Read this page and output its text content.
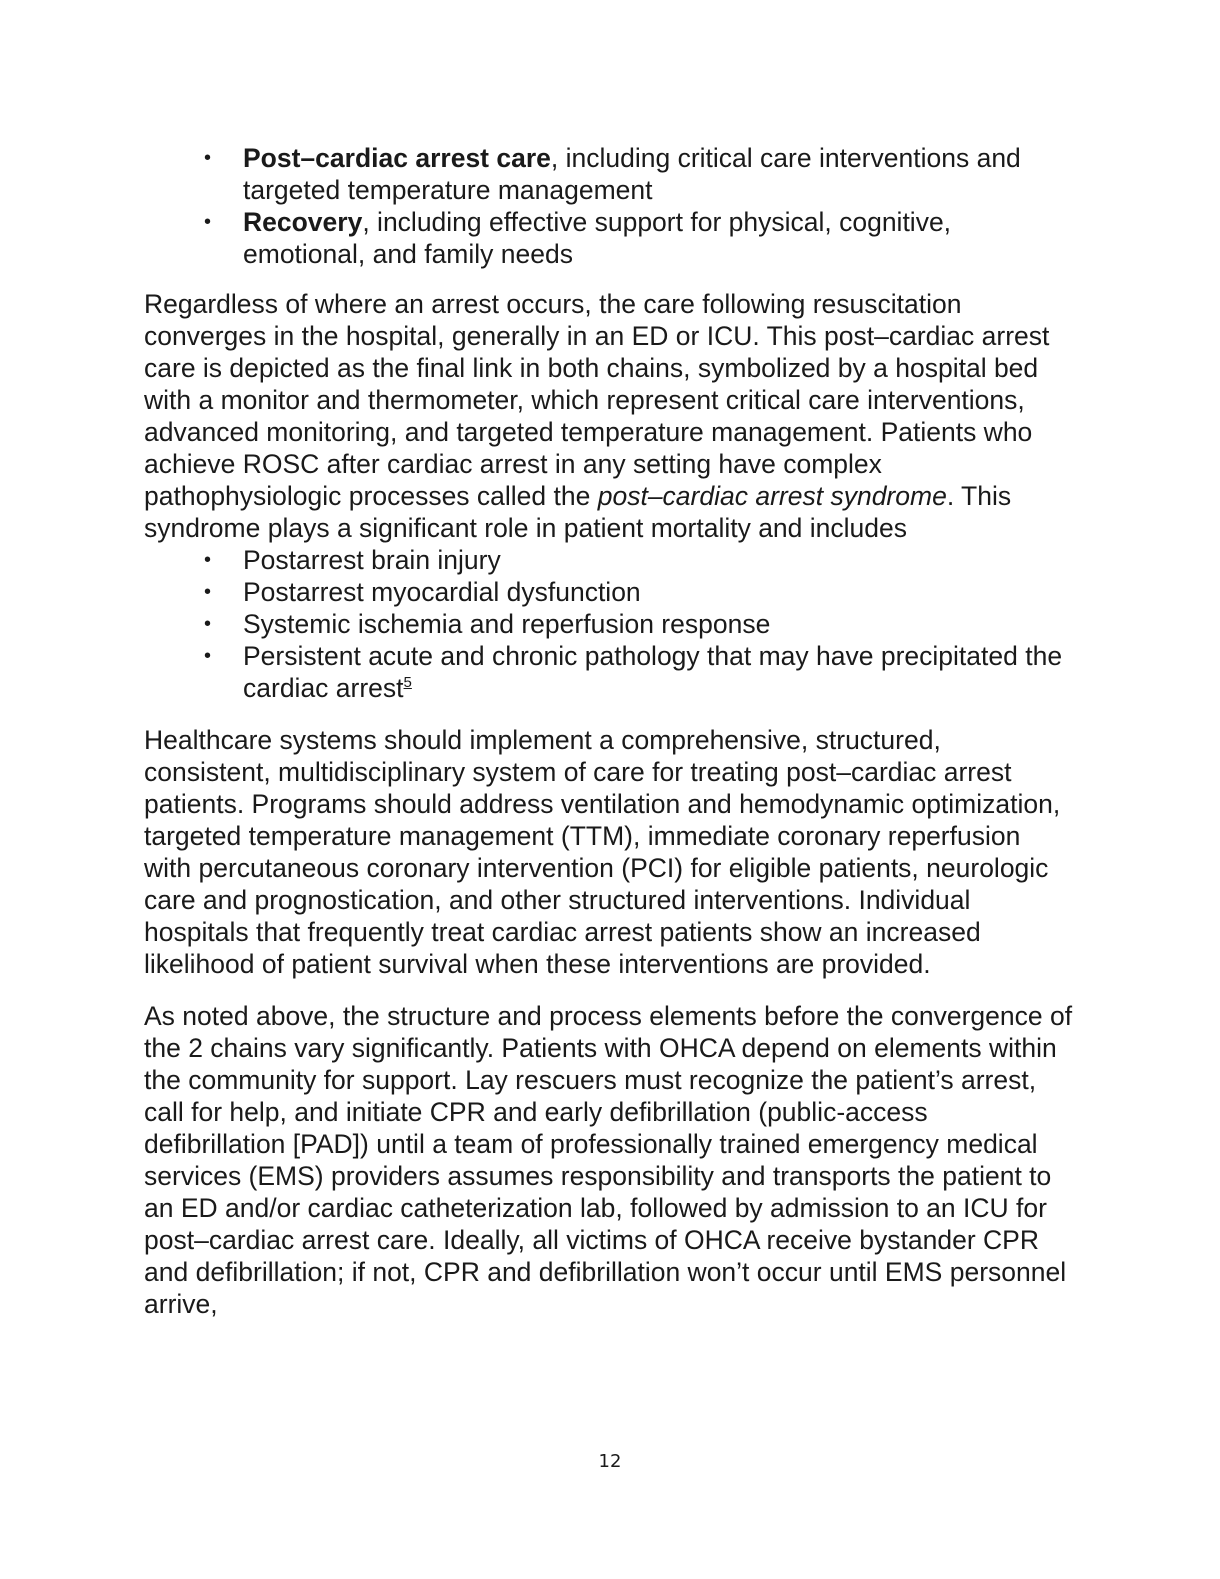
• Post–cardiac arrest care, including critical care interventions and targeted temperature management
• Recovery, including effective support for physical, cognitive, emotional, and family needs

Regardless of where an arrest occurs, the care following resuscitation converges in the hospital, generally in an ED or ICU. This post–cardiac arrest care is depicted as the final link in both chains, symbolized by a hospital bed with a monitor and thermometer, which represent critical care interventions, advanced monitoring, and targeted temperature management. Patients who achieve ROSC after cardiac arrest in any setting have complex pathophysiologic processes called the post–cardiac arrest syndrome. This syndrome plays a significant role in patient mortality and includes

• Postarrest brain injury
• Postarrest myocardial dysfunction
• Systemic ischemia and reperfusion response
• Persistent acute and chronic pathology that may have precipitated the cardiac arrest$^5$

Healthcare systems should implement a comprehensive, structured, consistent, multidisciplinary system of care for treating post–cardiac arrest patients. Programs should address ventilation and hemodynamic optimization, targeted temperature management (TTM), immediate coronary reperfusion with percutaneous coronary intervention (PCI) for eligible patients, neurologic care and prognostication, and other structured interventions. Individual hospitals that frequently treat cardiac arrest patients show an increased likelihood of patient survival when these interventions are provided.

As noted above, the structure and process elements before the convergence of the 2 chains vary significantly. Patients with OHCA depend on elements within the community for support. Lay rescuers must recognize the patient’s arrest, call for help, and initiate CPR and early defibrillation (public-access defibrillation [PAD]) until a team of professionally trained emergency medical services (EMS) providers assumes responsibility and transports the patient to an ED and/or cardiac catheterization lab, followed by admission to an ICU for post–cardiac arrest care. Ideally, all victims of OHCA receive bystander CPR and defibrillation; if not, CPR and defibrillation won’t occur until EMS personnel arrive,

12
